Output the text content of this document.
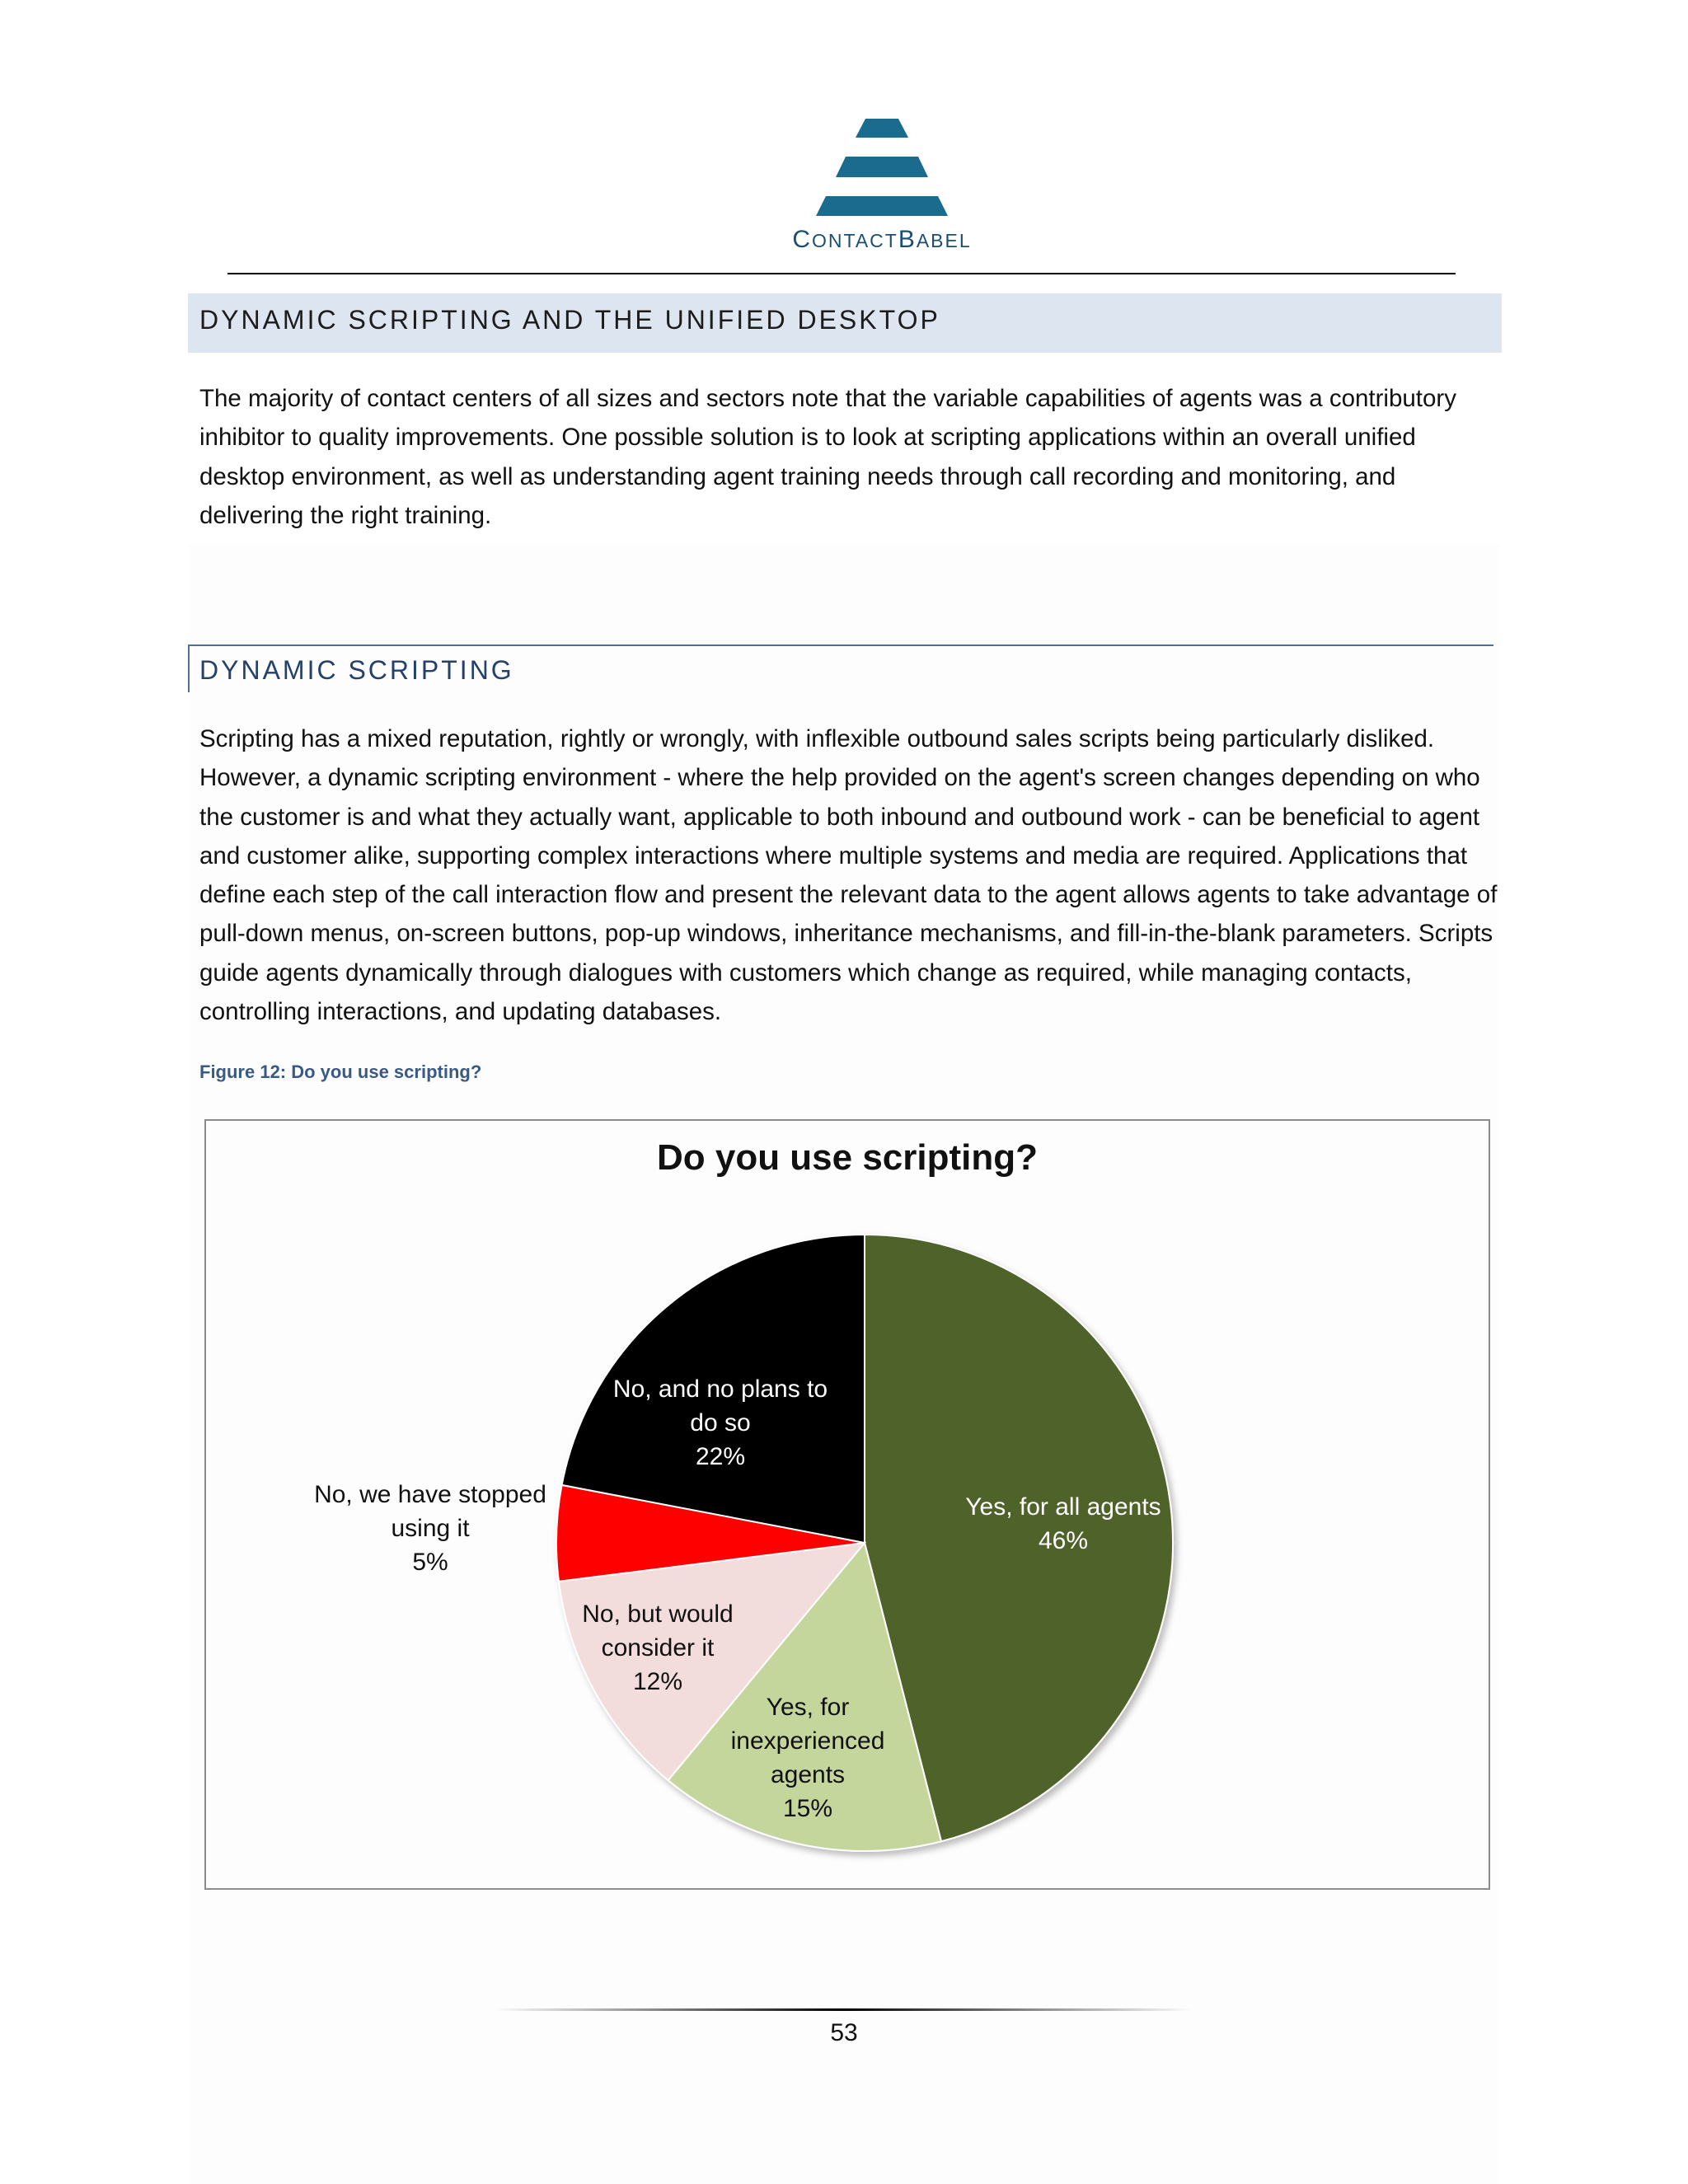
CONTACTBABEL
DYNAMIC SCRIPTING AND THE UNIFIED DESKTOP
The majority of contact centers of all sizes and sectors note that the variable capabilities of agents was a contributory inhibitor to quality improvements. One possible solution is to look at scripting applications within an overall unified desktop environment, as well as understanding agent training needs through call recording and monitoring, and delivering the right training.
DYNAMIC SCRIPTING
Scripting has a mixed reputation, rightly or wrongly, with inflexible outbound sales scripts being particularly disliked. However, a dynamic scripting environment - where the help provided on the agent's screen changes depending on who the customer is and what they actually want, applicable to both inbound and outbound work - can be beneficial to agent and customer alike, supporting complex interactions where multiple systems and media are required. Applications that define each step of the call interaction flow and present the relevant data to the agent allows agents to take advantage of pull-down menus, on-screen buttons, pop-up windows, inheritance mechanisms, and fill-in-the-blank parameters. Scripts guide agents dynamically through dialogues with customers which change as required, while managing contacts, controlling interactions, and updating databases.
Figure 12: Do you use scripting?
Do you use scripting?
Yes, for all agents 46%
Yes, for inexperienced agents 15%
No, but would consider it 12%
No, we have stopped using it 5%
No, and no plans to do so 22%
53
